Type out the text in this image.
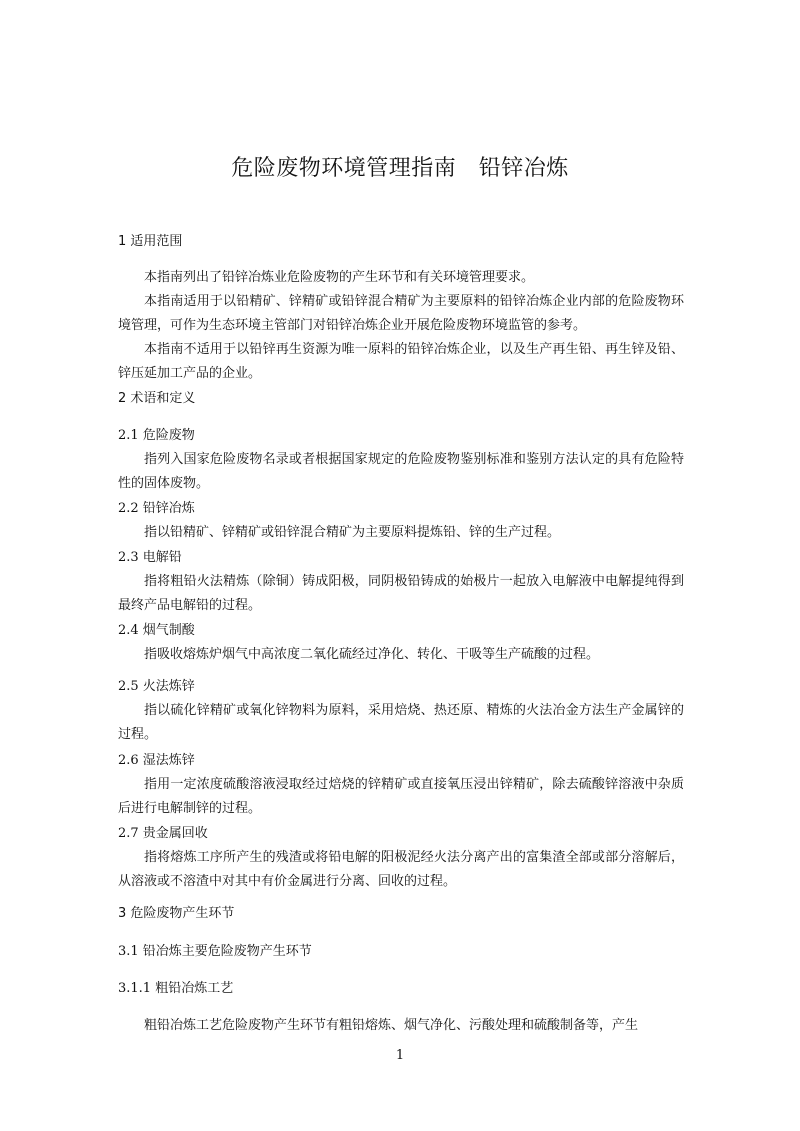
危险废物环境管理指南　铅锌冶炼
1 适用范围

本指南列出了铅锌冶炼业危险废物的产生环节和有关环境管理要求。

本指南适用于以铅精矿、锌精矿或铅锌混合精矿为主要原料的铅锌冶炼企业内部的危险废物环境管理，可作为生态环境主管部门对铅锌冶炼企业开展危险废物环境监管的参考。

本指南不适用于以铅锌再生资源为唯一原料的铅锌冶炼企业，以及生产再生铅、再生锌及铅、锌压延加工产品的企业。

2 术语和定义
2.1 危险废物

指列入国家危险废物名录或者根据国家规定的危险废物鉴别标准和鉴别方法认定的具有危险特性的固体废物。

2.2 铅锌冶炼

指以铅精矿、锌精矿或铅锌混合精矿为主要原料提炼铅、锌的生产过程。

2.3 电解铅

指将粗铅火法精炼（除铜）铸成阳极，同阴极铅铸成的始极片一起放入电解液中电解提纯得到最终产品电解铅的过程。

2.4 烟气制酸

指吸收熔炼炉烟气中高浓度二氧化硫经过净化、转化、干吸等生产硫酸的过程。

2.5 火法炼锌

指以硫化锌精矿或氧化锌物料为原料，采用焙烧、热还原、精炼的火法冶金方法生产金属锌的过程。

2.6 湿法炼锌

指用一定浓度硫酸溶液浸取经过焙烧的锌精矿或直接氧压浸出锌精矿，除去硫酸锌溶液中杂质后进行电解制锌的过程。

2.7 贵金属回收

指将熔炼工序所产生的残渣或将铅电解的阳极泥经火法分离产出的富集渣全部或部分溶解后，从溶液或不溶渣中对其中有价金属进行分离、回收的过程。

3 危险废物产生环节
3.1 铅冶炼主要危险废物产生环节
3.1.1 粗铅冶炼工艺

粗铅冶炼工艺危险废物产生环节有粗铅熔炼、烟气净化、污酸处理和硫酸制备等，产生

1
